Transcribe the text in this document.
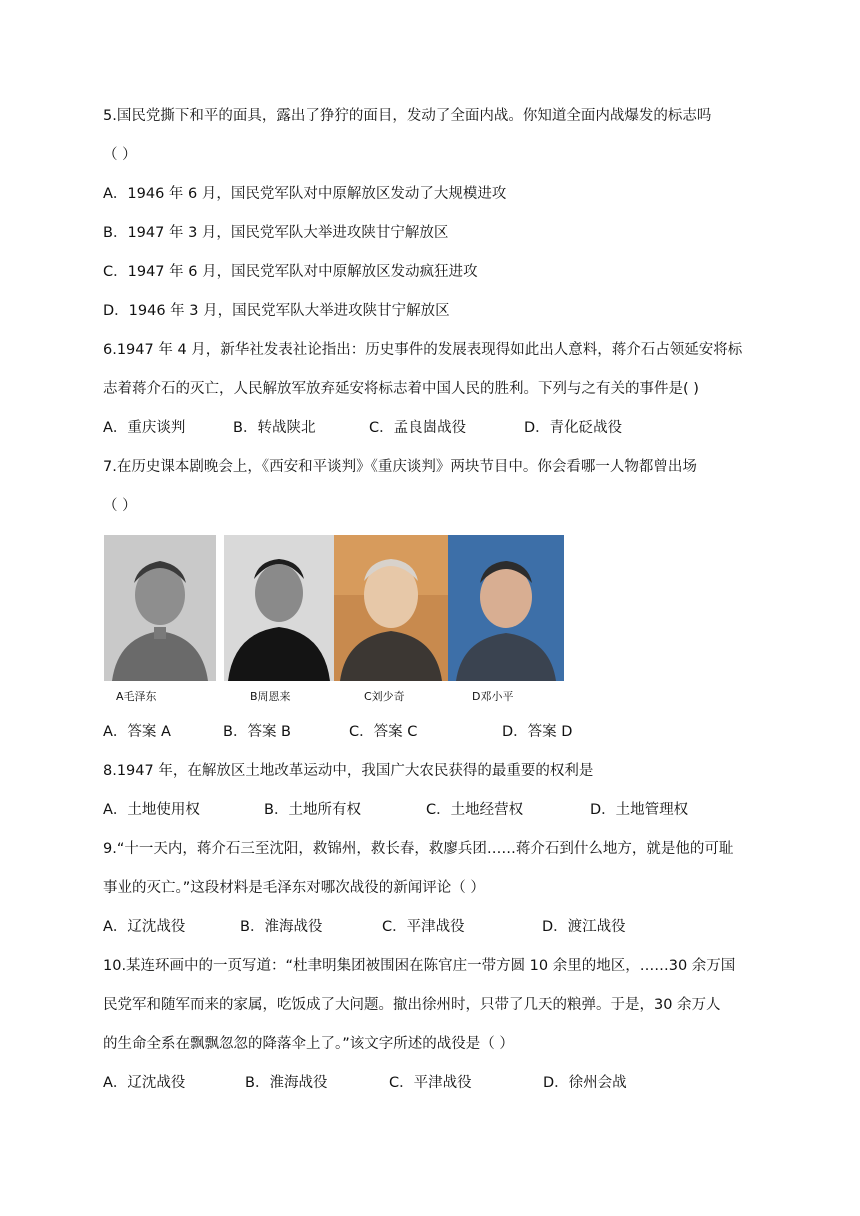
5.国民党撕下和平的面具，露出了狰狞的面目，发动了全面内战。你知道全面内战爆发的标志吗
（ ）
A．1946 年 6 月，国民党军队对中原解放区发动了大规模进攻
B．1947 年 3 月，国民党军队大举进攻陕甘宁解放区
C．1947 年 6 月，国民党军队对中原解放区发动疯狂进攻
D．1946 年 3 月，国民党军队大举进攻陕甘宁解放区
6.1947 年 4 月，新华社发表社论指出：历史事件的发展表现得如此出人意料，蒋介石占领延安将标
志着蒋介石的灭亡，人民解放军放弃延安将标志着中国人民的胜利。下列与之有关的事件是( )
A．重庆谈判	B．转战陕北	C．孟良崮战役	D．青化砭战役
7.在历史课本剧晚会上，《西安和平谈判》《重庆谈判》两块节目中。你会看哪一人物都曾出场
（ ）
A毛泽东	B周恩来	C刘少奇	D邓小平
A．答案 A	B．答案 B	C．答案 C	D．答案 D
8.1947 年，在解放区土地改革运动中，我国广大农民获得的最重要的权利是
A．土地使用权	B．土地所有权	C．土地经营权	D．土地管理权
9.“十一天内，蒋介石三至沈阳，救锦州，救长春，救廖兵团……蒋介石到什么地方，就是他的可耻
事业的灭亡。”这段材料是毛泽东对哪次战役的新闻评论（ ）
A．辽沈战役	B．淮海战役	C．平津战役	D．渡江战役
10.某连环画中的一页写道：“杜聿明集团被围困在陈官庄一带方圆 10 余里的地区，……30 余万国
民党军和随军而来的家属，吃饭成了大问题。撤出徐州时，只带了几天的粮弹。于是，30 余万人
的生命全系在飘飘忽忽的降落伞上了。”该文字所述的战役是（ ）
A．辽沈战役	B．淮海战役	C．平津战役	D．徐州会战
